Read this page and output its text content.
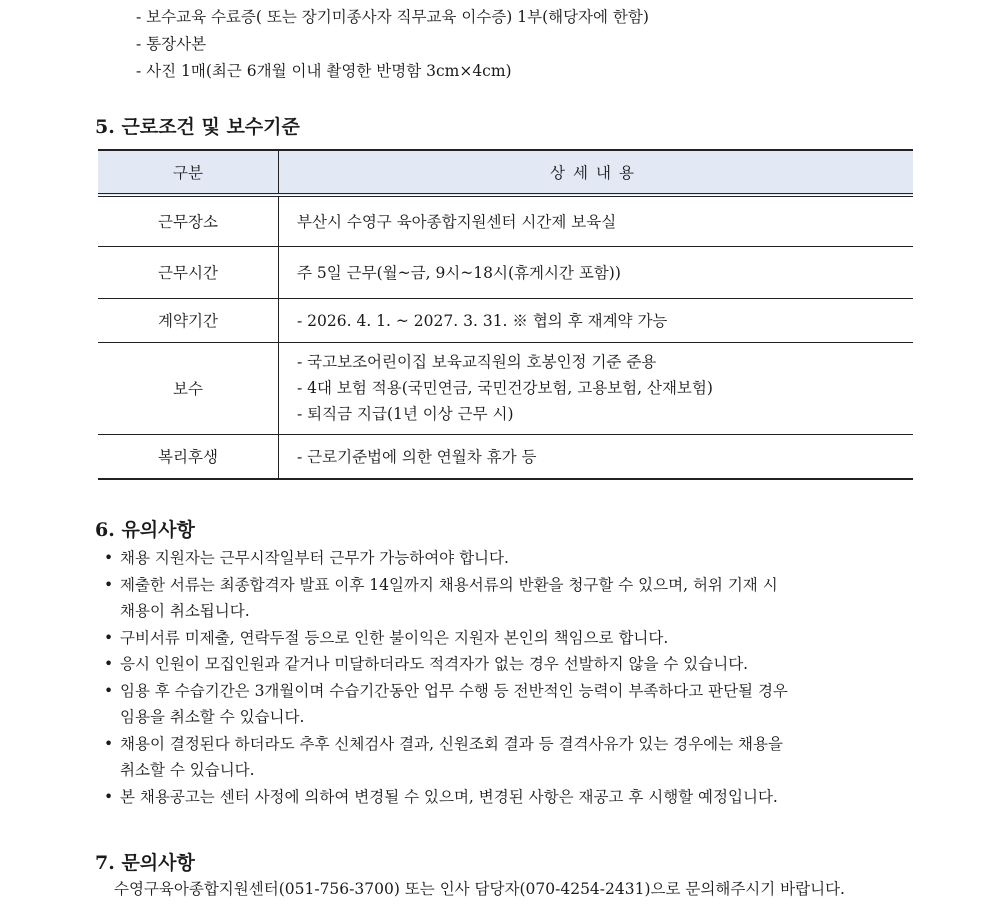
- 보수교육 수료증( 또는 장기미종사자 직무교육 이수증) 1부(해당자에 한함)
- 통장사본
- 사진 1매(최근 6개월 이내 촬영한 반명함 3cm×4cm)
5. 근로조건 및 보수기준
구분	상세내용
근무장소	부산시 수영구 육아종합지원센터 시간제 보육실
근무시간	주 5일 근무(월~금, 9시~18시(휴게시간 포함))
계약기간	- 2026. 4. 1. ~ 2027. 3. 31. ※ 협의 후 재계약 가능
보수	- 국고보조어린이집 보육교직원의 호봉인정 기준 준용
- 4대 보험 적용(국민연금, 국민건강보험, 고용보험, 산재보험)
- 퇴직금 지급(1년 이상 근무 시)

복리후생	- 근로기준법에 의한 연월차 휴가 등
6. 유의사항
• 채용 지원자는 근무시작일부터 근무가 가능하여야 합니다.
• 제출한 서류는 최종합격자 발표 이후 14일까지 채용서류의 반환을 청구할 수 있으며, 허위 기재 시
채용이 취소됩니다.
• 구비서류 미제출, 연락두절 등으로 인한 불이익은 지원자 본인의 책임으로 합니다.
• 응시 인원이 모집인원과 같거나 미달하더라도 적격자가 없는 경우 선발하지 않을 수 있습니다.
• 임용 후 수습기간은 3개월이며 수습기간동안 업무 수행 등 전반적인 능력이 부족하다고 판단될 경우
임용을 취소할 수 있습니다.
• 채용이 결정된다 하더라도 추후 신체검사 결과, 신원조회 결과 등 결격사유가 있는 경우에는 채용을
취소할 수 있습니다.
• 본 채용공고는 센터 사정에 의하여 변경될 수 있으며, 변경된 사항은 재공고 후 시행할 예정입니다.
7. 문의사항
수영구육아종합지원센터(051-756-3700) 또는 인사 담당자(070-4254-2431)으로 문의해주시기 바랍니다.
